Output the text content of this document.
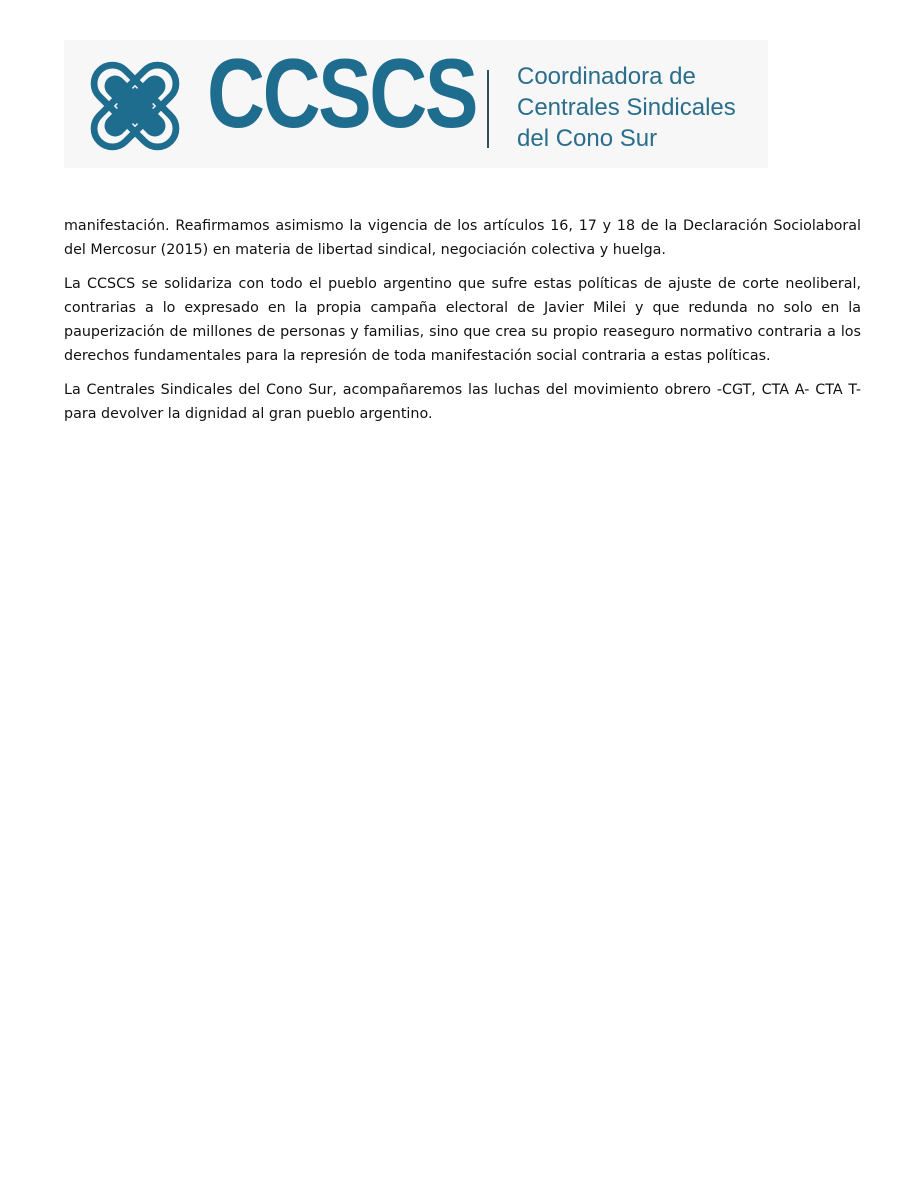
CCSCS Coordinadora de
Centrales Sindicales
del Cono Sur

manifestación. Reafirmamos asimismo la vigencia de los artículos 16, 17 y 18 de la Declaración Sociolaboral del Mercosur (2015) en materia de libertad sindical, negociación colectiva y huelga.

La CCSCS se solidariza con todo el pueblo argentino que sufre estas políticas de ajuste de corte neoliberal, contrarias a lo expresado en la propia campaña electoral de Javier Milei y que redunda no solo en la pauperización de millones de personas y familias, sino que crea su propio reaseguro normativo contraria a los derechos fundamentales para la represión de toda manifestación social contraria a estas políticas.

La Centrales Sindicales del Cono Sur, acompañaremos las luchas del movimiento obrero -CGT, CTA A- CTA T- para devolver la dignidad al gran pueblo argentino.
